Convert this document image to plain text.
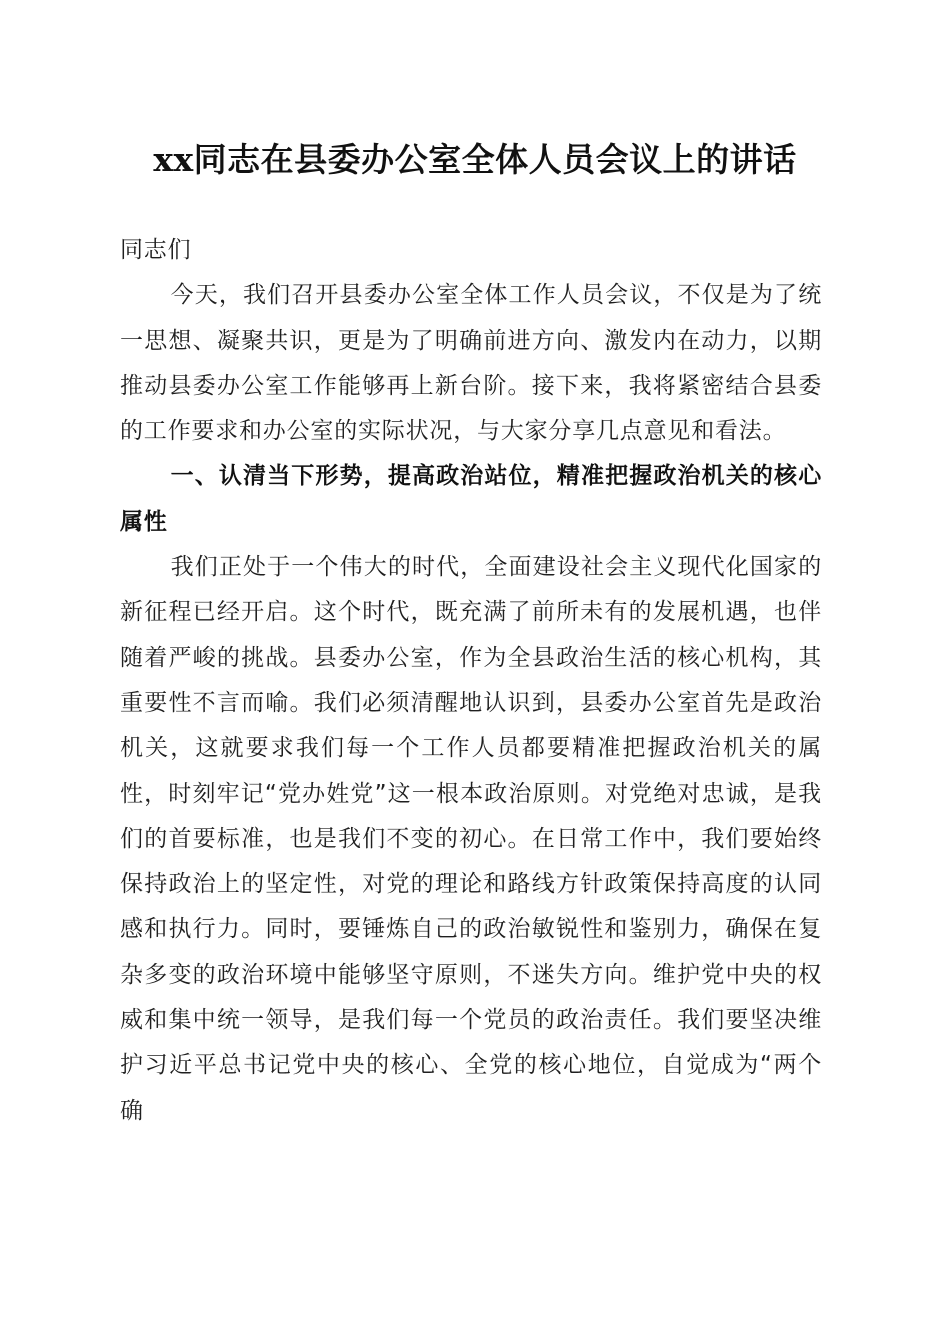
xx同志在县委办公室全体人员会议上的讲话

同志们

今天，我们召开县委办公室全体工作人员会议，不仅是为了统一思想、凝聚共识，更是为了明确前进方向、激发内在动力，以期推动县委办公室工作能够再上新台阶。接下来，我将紧密结合县委的工作要求和办公室的实际状况，与大家分享几点意见和看法。

一、认清当下形势，提高政治站位，精准把握政治机关的核心属性

我们正处于一个伟大的时代，全面建设社会主义现代化国家的新征程已经开启。这个时代，既充满了前所未有的发展机遇，也伴随着严峻的挑战。县委办公室，作为全县政治生活的核心机构，其重要性不言而喻。我们必须清醒地认识到，县委办公室首先是政治机关，这就要求我们每一个工作人员都要精准把握政治机关的属性，时刻牢记“党办姓党”这一根本政治原则。对党绝对忠诚，是我们的首要标准，也是我们不变的初心。在日常工作中，我们要始终保持政治上的坚定性，对党的理论和路线方针政策保持高度的认同感和执行力。同时，要锤炼自己的政治敏锐性和鉴别力，确保在复杂多变的政治环境中能够坚守原则，不迷失方向。维护党中央的权威和集中统一领导，是我们每一个党员的政治责任。我们要坚决维护习近平总书记党中央的核心、全党的核心地位，自觉成为“两个确
